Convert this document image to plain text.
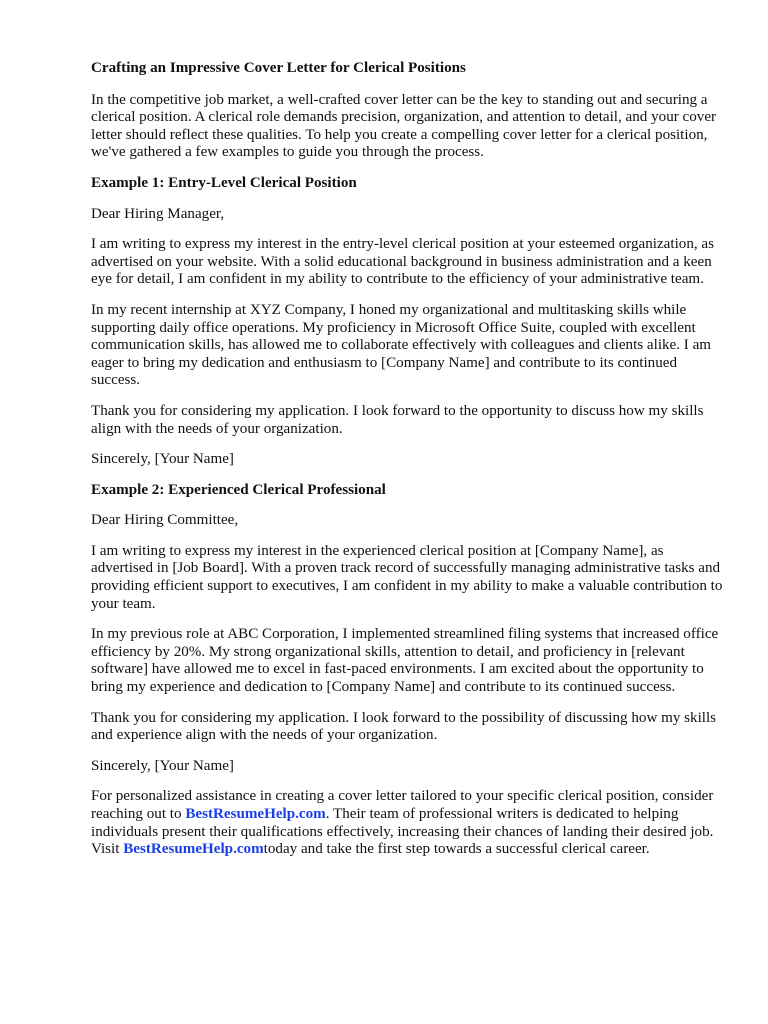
Crafting an Impressive Cover Letter for Clerical Positions

In the competitive job market, a well-crafted cover letter can be the key to standing out and securing a clerical position. A clerical role demands precision, organization, and attention to detail, and your cover letter should reflect these qualities. To help you create a compelling cover letter for a clerical position, we've gathered a few examples to guide you through the process.

Example 1: Entry-Level Clerical Position

Dear Hiring Manager,

I am writing to express my interest in the entry-level clerical position at your esteemed organization, as advertised on your website. With a solid educational background in business administration and a keen eye for detail, I am confident in my ability to contribute to the efficiency of your administrative team.

In my recent internship at XYZ Company, I honed my organizational and multitasking skills while supporting daily office operations. My proficiency in Microsoft Office Suite, coupled with excellent communication skills, has allowed me to collaborate effectively with colleagues and clients alike. I am eager to bring my dedication and enthusiasm to [Company Name] and contribute to its continued success.

Thank you for considering my application. I look forward to the opportunity to discuss how my skills align with the needs of your organization.

Sincerely, [Your Name]

Example 2: Experienced Clerical Professional

Dear Hiring Committee,

I am writing to express my interest in the experienced clerical position at [Company Name], as advertised in [Job Board]. With a proven track record of successfully managing administrative tasks and providing efficient support to executives, I am confident in my ability to make a valuable contribution to your team.

In my previous role at ABC Corporation, I implemented streamlined filing systems that increased office efficiency by 20%. My strong organizational skills, attention to detail, and proficiency in [relevant software] have allowed me to excel in fast-paced environments. I am excited about the opportunity to bring my experience and dedication to [Company Name] and contribute to its continued success.

Thank you for considering my application. I look forward to the possibility of discussing how my skills and experience align with the needs of your organization.

Sincerely, [Your Name]

For personalized assistance in creating a cover letter tailored to your specific clerical position, consider reaching out to BestResumeHelp.com. Their team of professional writers is dedicated to helping individuals present their qualifications effectively, increasing their chances of landing their desired job. Visit BestResumeHelp.comtoday and take the first step towards a successful clerical career.
